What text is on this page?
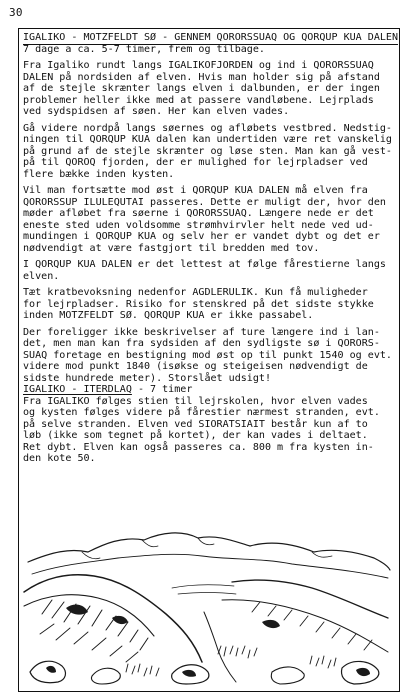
30
IGALIKO - MOTZFELDT SØ - GENNEM QORORSSUAQ OG QORQUP KUA DALEN
7 dage a ca. 5-7 timer, frem og tilbage.
Fra Igaliko rundt langs IGALIKOFJORDEN og ind i QORORSSUAQ
DALEN på nordsiden af elven. Hvis man holder sig på afstand
af de stejle skrænter langs elven i dalbunden, er der ingen
problemer heller ikke med at passere vandløbene. Lejrplads
ved sydspidsen af søen. Her kan elven vades.
Gå videre nordpå langs søernes og afløbets vestbred. Nedstig-
ningen til QORQUP KUA dalen kan undertiden være ret vanskelig
på grund af de stejle skrænter og løse sten. Man kan gå vest-
på til QOROQ fjorden, der er mulighed for lejrpladser ved
flere bække inden kysten.
Vil man fortsætte mod øst i QORQUP KUA DALEN må elven fra
QORORSSUP ILULEQUTAI passeres. Dette er muligt der, hvor den
møder afløbet fra søerne i QORORSSUAQ. Længere nede er det
eneste sted uden voldsomme strømhvirvler helt nede ved ud-
mundingen i QORQUP KUA og selv her er vandet dybt og det er
nødvendigt at være fastgjort til bredden med tov.
I QORQUP KUA DALEN er det lettest at følge fårestierne langs
elven.
Tæt kratbevoksning nedenfor AGDLERULIK. Kun få muligheder
for lejrpladser. Risiko for stenskred på det sidste stykke
inden MOTZFELDT SØ. QORQUP KUA er ikke passabel.
Der foreligger ikke beskrivelser af ture længere ind i lan-
det, men man kan fra sydsiden af den sydligste sø i QORORS-
SUAQ foretage en bestigning mod øst op til punkt 1540 og evt.
videre mod punkt 1840 (isøkse og steigeisen nødvendigt de
sidste hundrede meter). Storslået udsigt!
IGALIKO - ITERDLAQ - 7 timer
Fra IGALIKO følges stien til lejrskolen, hvor elven vades
og kysten følges videre på fårestier nærmest stranden, evt.
på selve stranden. Elven ved SIORATSIAIT består kun af to
løb (ikke som tegnet på kortet), der kan vades i deltaet.
Ret dybt. Elven kan også passeres ca. 800 m fra kysten in-
den kote 50.
